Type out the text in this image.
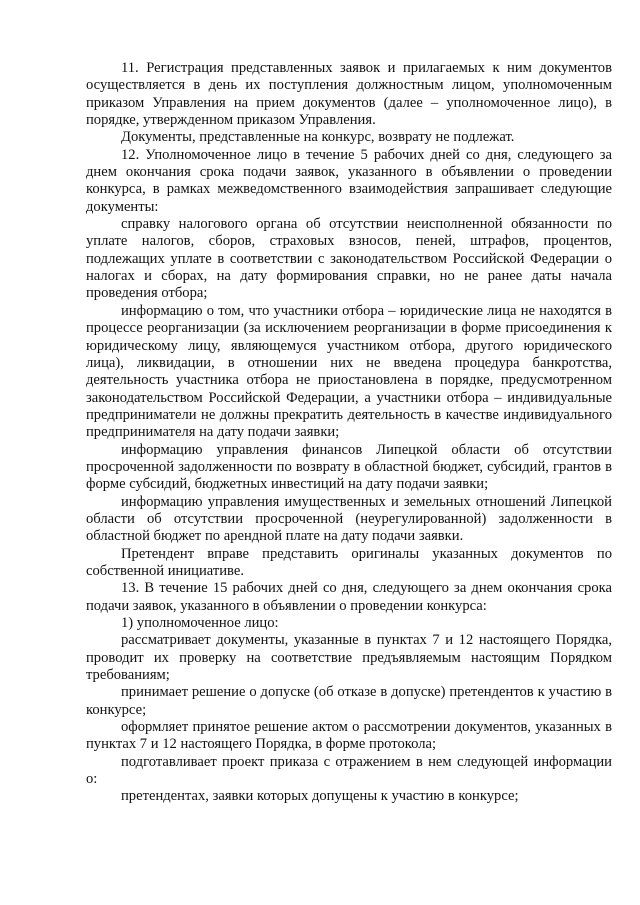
11. Регистрация представленных заявок и прилагаемых к ним документов осуществляется в день их поступления должностным лицом, уполномоченным приказом Управления на прием документов (далее – уполномоченное лицо), в порядке, утвержденном приказом Управления.

Документы, представленные на конкурс, возврату не подлежат.

12. Уполномоченное лицо в течение 5 рабочих дней со дня, следующего за днем окончания срока подачи заявок, указанного в объявлении о проведении конкурса, в рамках межведомственного взаимодействия запрашивает следующие документы:

справку налогового органа об отсутствии неисполненной обязанности по уплате налогов, сборов, страховых взносов, пеней, штрафов, процентов, подлежащих уплате в соответствии с законодательством Российской Федерации о налогах и сборах, на дату формирования справки, но не ранее даты начала проведения отбора;

информацию о том, что участники отбора – юридические лица не находятся в процессе реорганизации (за исключением реорганизации в форме присоединения к юридическому лицу, являющемуся участником отбора, другого юридического лица), ликвидации, в отношении них не введена процедура банкротства, деятельность участника отбора не приостановлена в порядке, предусмотренном законодательством Российской Федерации, а участники отбора – индивидуальные предприниматели не должны прекратить деятельность в качестве индивидуального предпринимателя на дату подачи заявки;

информацию управления финансов Липецкой области об отсутствии просроченной задолженности по возврату в областной бюджет, субсидий, грантов в форме субсидий, бюджетных инвестиций на дату подачи заявки;

информацию управления имущественных и земельных отношений Липецкой области об отсутствии просроченной (неурегулированной) задолженности в областной бюджет по арендной плате на дату подачи заявки.

Претендент вправе представить оригиналы указанных документов по собственной инициативе.

13. В течение 15 рабочих дней со дня, следующего за днем окончания срока подачи заявок, указанного в объявлении о проведении конкурса:

1) уполномоченное лицо:

рассматривает документы, указанные в пунктах 7 и 12 настоящего Порядка, проводит их проверку на соответствие предъявляемым настоящим Порядком требованиям;

принимает решение о допуске (об отказе в допуске) претендентов к участию в конкурсе;

оформляет принятое решение актом о рассмотрении документов, указанных в пунктах 7 и 12 настоящего Порядка, в форме протокола;

подготавливает проект приказа с отражением в нем следующей информации о:

претендентах, заявки которых допущены к участию в конкурсе;
